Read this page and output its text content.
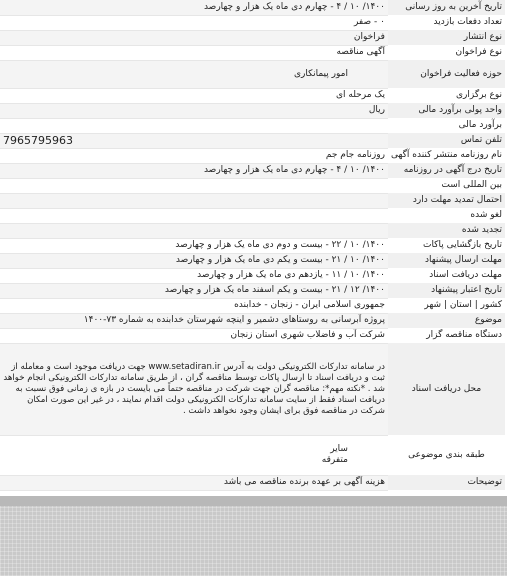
تاریخ آخرین به روز رسانی	۱۴۰۰/ ۱۰ / ۴ - چهارم دی ماه یک هزار و چهارصد
تعداد دفعات بازدید	۰ - صفر
نوع انتشار	فراخوان
نوع فراخوان	آگهی مناقصه
حوزه فعالیت فراخوان	امور پیمانکاری
نوع برگزاری	یک مرحله ای
واحد پولی برآورد مالی	ریال
برآورد مالی	
تلفن تماس	7965795963
نام روزنامه منتشر کننده آگهی	روزنامه جام جم
تاریخ درج آگهی در روزنامه	۱۴۰۰/ ۱۰ / ۴ - چهارم دی ماه یک هزار و چهارصد
بین المللی است	
احتمال تمدید مهلت دارد	
لغو شده	
تجدید شده	
تاریخ بازگشایی پاکات	۱۴۰۰/ ۱۰ / ۲۲ - بیست و دوم دی ماه یک هزار و چهارصد
مهلت ارسال پیشنهاد	۱۴۰۰/ ۱۰ / ۲۱ - بیست و یکم دی ماه یک هزار و چهارصد
مهلت دریافت اسناد	۱۴۰۰/ ۱۰ / ۱۱ - یازدهم دی ماه یک هزار و چهارصد
تاریخ اعتبار پیشنهاد	۱۴۰۰/ ۱۲ / ۲۱ - بیست و یکم اسفند ماه یک هزار و چهارصد
کشور | استان | شهر	جمهوری اسلامی ایران - زنجان - خدابنده
موضوع	پروژه آبرسانی به روستاهای دشمیر و اینچه شهرستان خدابنده به شماره ۷۳-۱۴۰۰
دستگاه مناقصه گزار	شرکت آب و فاضلاب شهری استان زنجان
محل دریافت اسناد	در سامانه تدارکات الکترونیکی دولت به آدرس www.setadiran.ir جهت دریافت موجود است و معامله از ثبت و دریافت اسناد تا ارسال پاکات توسط مناقصه گران ، از طریق سامانه تدارکات الکترونیکی انجام خواهد شد . *نکته مهم*: مناقصه گران جهت شرکت در مناقصه حتماً می بایست در بازه ی زمانی فوق نسبت به دریافت اسناد فقط از سایت سامانه تدارکات الکترونیکی دولت اقدام نمایند ، در غیر این صورت امکان شرکت در مناقصه فوق برای ایشان وجود نخواهد داشت .
طبقه بندی موضوعی	سایر
متفرقه
توضیحات	هزینه آگهی بر عهده برنده مناقصه می باشد
